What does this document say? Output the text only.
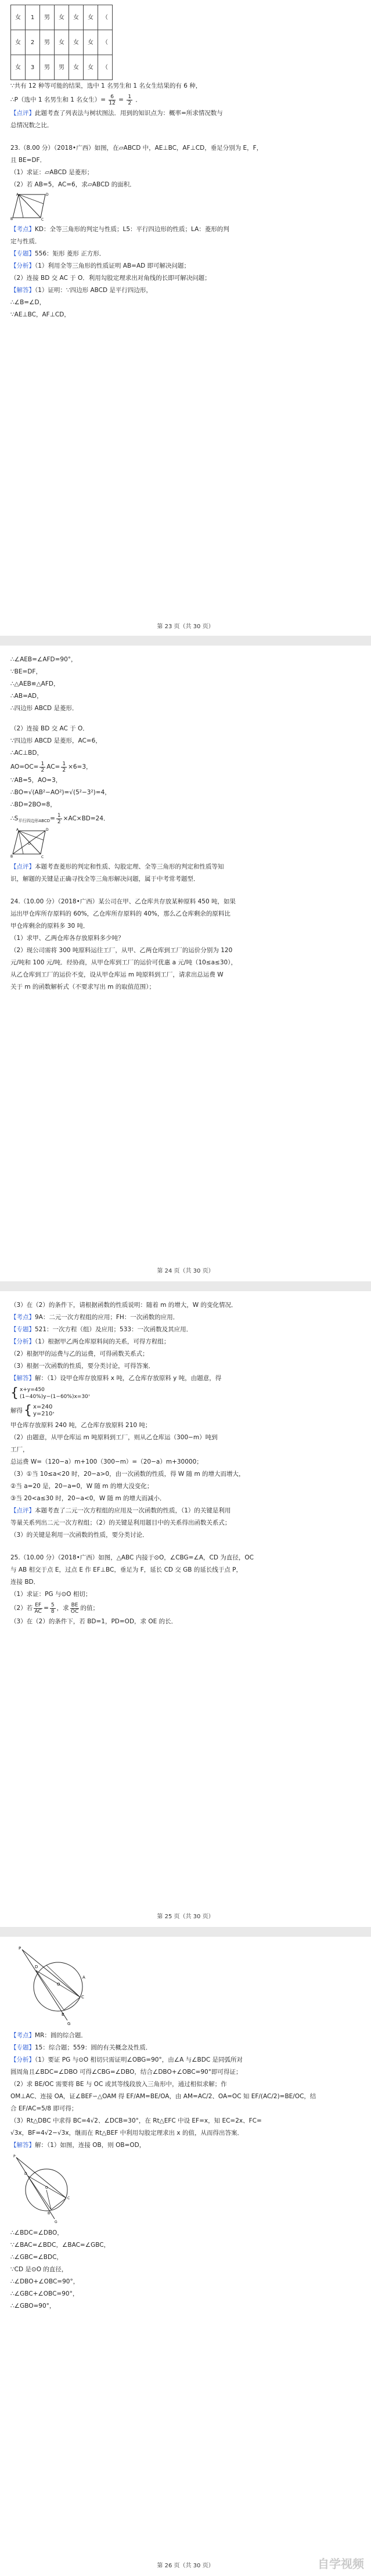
女	1	男	女	女	女	（
女	2	男	女	女	女	（
女	3	男	男	女	女	（
∵共有 12 种等可能的结果，选中 1 名男生和 1 名女生结果的有 6 种，
∴P（选中 1 名男生和 1 名女生）= $\frac{6}{12} = \frac{1}{2}$ ．
【点评】此题考查了列表法与树状图法．用到的知识点为：概率=所求情况数与
总情况数之比．
23.（8.00 分）（2018•广西）如图，在▱ABCD 中，AE⊥BC，AF⊥CD，垂足分别为 E，F，
且 BE=DF．
（1）求证：▱ABCD 是菱形；
（2）若 AB=5，AC=6，求▱ABCD 的面积．
A	D
B	C
【考点】KD：全等三角形的判定与性质；L5：平行四边形的性质；LA：菱形的判
定与性质．
【专题】556：矩形 菱形 正方形．
【分析】（1）利用全等三角形的性质证明 AB=AD 即可解决问题；
（2）连接 BD 交 AC 于 O．利用勾股定理求出对角线的长即可解决问题；
【解答】（1）证明：∵四边形 ABCD 是平行四边形，
∴∠B=∠D，
∵AE⊥BC，AF⊥CD，
第 23 页（共 30 页）
∴∠AEB=∠AFD=90°，
∵BE=DF，
∴△AEB≌△AFD，
∴AB=AD，
∴四边形 ABCD 是菱形．
（2）连接 BD 交 AC 于 O．
∵四边形 ABCD 是菱形，AC=6，
∴AC⊥BD，
$AO=OC= \frac{1}{2} AC= \frac{1}{2} \times 6=3$，
∵AB=5，AO=3，
∴BO=√(AB²−AO²)=√(5²−3²)=4，
∴BD=2BO=8，
$\therefore S_{平行四边形ABCD}= \frac{1}{2} \times AC\times BD=24$．
A	D
B	C
O
【点评】本题考查菱形的判定和性质、勾股定理、全等三角形的判定和性质等知
识，解题的关键是正确寻找全等三角形解决问题，属于中考常考题型．
24.（10.00 分）（2018•广西）某公司在甲、乙仓库共存放某种原料 450 吨，如果
运出甲仓库所存原料的 60%，乙仓库所存原料的 40%，那么乙仓库剩余的原料比
甲仓库剩余的原料多 30 吨．
（1）求甲、乙两仓库各存放原料多少吨？
（2）现公司需将 300 吨原料运往工厂，从甲、乙两仓库到工厂的运价分别为 120
元/吨和 100 元/吨．经协商，从甲仓库到工厂的运价可优惠 a 元/吨（10≤a≤30），
从乙仓库到工厂的运价不变，设从甲仓库运 m 吨原料到工厂，请求出总运费 W
关于 m 的函数解析式（不要求写出 m 的取值范围）；
第 24 页（共 30 页）
（3）在（2）的条件下，请根据函数的性质说明：随着 m 的增大，W 的变化情况．
【考点】9A：二元一次方程组的应用；FH：一次函数的应用．
【专题】521：一次方程（组）及应用；533：一次函数及其应用．
【分析】（1）根据甲乙两仓库原料间的关系，可得方程组；
（2）根据甲的运费与乙的运费，可得函数关系式；
（3）根据一次函数的性质，要分类讨论，可得答案．
【解答】解：（1）设甲仓库存放原料 x 吨，乙仓库存放原料 y 吨，由题意，得
{ x+y=450
(1−40%)y−(1−60%)x=30 ，
解得 { x=240
y=210 ，
甲仓库存放原料 240 吨，乙仓库存放原料 210 吨；
（2）由题意，从甲仓库运 m 吨原料到工厂，则从乙仓库运（300−m）吨到
工厂，
总运费 W=（120−a）m+100（300−m）=（20−a）m+30000；
（3）①当 10≤a<20 时，20−a>0，由一次函数的性质，得 W 随 m 的增大而增大，
②当 a=20 是，20−a=0，W 随 m 的增大没变化；
③当 20<a≤30 时，20−a<0，W 随 m 的增大而减小．
【点评】本题考查了二元一次方程组的应用及一次函数的性质，（1）的关键是利用
等量关系列出二元一次方程组；（2）的关键是利用题目中的关系得出函数关系式；
（3）的关键是利用一次函数的性质，要分类讨论．
25.（10.00 分）（2018•广西）如图，△ABC 内接于⊙O，∠CBG=∠A，CD 为直径，OC
与 AB 相交于点 E，过点 E 作 EF⊥BC，垂足为 F，延长 CD 交 GB 的延长线于点 P，
连接 BD．
（1）求证：PG 与⊙O 相切；
（2）若 $\frac{EF}{AC} = \frac{5}{8}$ ，求 $\frac{BE}{OC}$ 的值；
（3）在（2）的条件下，若 BD=1，PD=OD，求 OE 的长．
第 25 页（共 30 页）
P
D
C
B
G
O
A
【考点】MR：圆的综合题．
【专题】15：综合题；559：圆的有关概念及性质．
【分析】（1）要证 PG 与⊙O 相切只需证明∠OBG=90°，由∠A 与∠BDC 是同弧所对
圆周角且∠BDC=∠DBO 可得∠CBG=∠DBO，结合∠DBO+∠OBC=90°即可得证；
（2）求 BE/OC 需要将 BE 与 OC 或其等线段放入三角形中，通过相似求解；作
OM⊥AC、连接 OA，证∠BEF∽△OAM 得 EF/AM=BE/OA，由 AM=AC/2、OA=OC 知 EF/(AC/2)=BE/OC，结
合 EF/AC=5/8 即可得；
（3）Rt△DBC 中求得 BC=4√2、∠DCB=30°，在 Rt△EFC 中设 EF=x，知 EC=2x、FC=
√3x，BF=4√2−√3x，继而在 Rt△BEF 中利用勾股定理求出 x 的值，从而得出答案．
【解答】解：（1）如图，连接 OB，则 OB=OD，
P
D
C
B
G
O
∴∠BDC=∠DBO，
∵∠BAC=∠BDC，∠BAC=∠GBC，
∴∠GBC=∠BDC，
∵CD 是⊙O 的直径，
∴∠DBO+∠OBC=90°，
∴∠GBC+∠OBC=90°，
∴∠GBO=90°，
第 26 页（共 30 页）	自学视频
